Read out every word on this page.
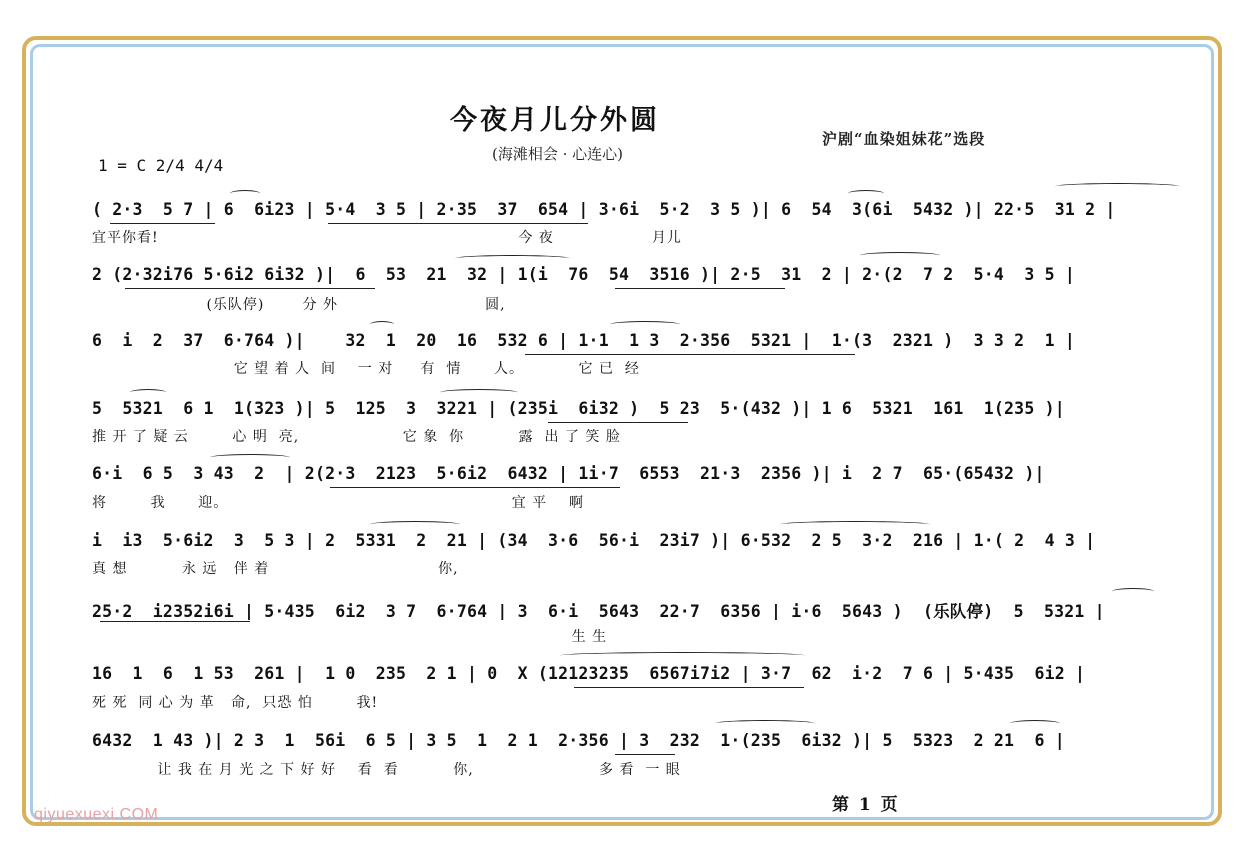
今夜月儿分外圆
(海滩相会 · 心连心)
沪剧“血染姐妹花”选段
1 = C 2/4 4/4
( 2·3  5 7 | 6  6i23 | 5·4  3 5 | 2·35  37  654 | 3·6i  5·2  3 5 )| 6  54  3(6i  5432 )| 22·5  31 2 |
宜平你看!                                                                  今 夜                  月儿
2 (2·32i76 5·6i2 6i32 )|  6  53  21  32 | 1(i  76  54  3516 )| 2·5  31  2 | 2·(2  7 2  5·4  3 5 |
(乐队停)       分 外                           圆,
6  i  2  37  6·764 )|    32  1  20  16  532 6 | 1·1  1 3  2·356  5321 |  1·(3  2321 )  3 3 2  1 |
它 望 着 人  间    一 对     有  情      人。          它 已  经
5  5321  6 1  1(323 )| 5  125  3  3221 | (235i  6i32 )  5 23  5·(432 )| 1 6  5321  161  1(235 )|
推 开 了 疑 云        心 明  亮,                   它 象  你          露  出 了 笑 脸
6·i  6 5  3 43  2  | 2(2·3  2123  5·6i2  6432 | 1i·7  6553  21·3  2356 )| i  2 7  65·(65432 )|
将        我      迎。                                                    宜 平    啊
i  i3  5·6i2  3  5 3 | 2  5331  2  21 | (34  3·6  56·i  23i7 )| 6·532  2 5  3·2  216 | 1·( 2  4 3 |
真 想          永 远   伴 着                               你,
25·2  i2352i6i | 5·435  6i2  3 7  6·764 | 3  6·i  5643  22·7  6356 | i·6  5643 )  (乐队停)  5  5321 |
生 生
16  1  6  1 53  261 |  1 0  235  2 1 | 0  X (12123235  6567i7i2 | 3·7  62  i·2  7 6 | 5·435  6i2 |
死 死  同 心 为 革   命,  只恐 怕        我!
6432  1 43 )| 2 3  1  56i  6 5 | 3 5  1  2 1  2·356 | 3  232  1·(235  6i32 )| 5  5323  2 21  6 |
让 我 在 月 光 之 下 好 好    看  看          你,                       多 看  一 眼
第 1 页
qiyuexuexi.COM
